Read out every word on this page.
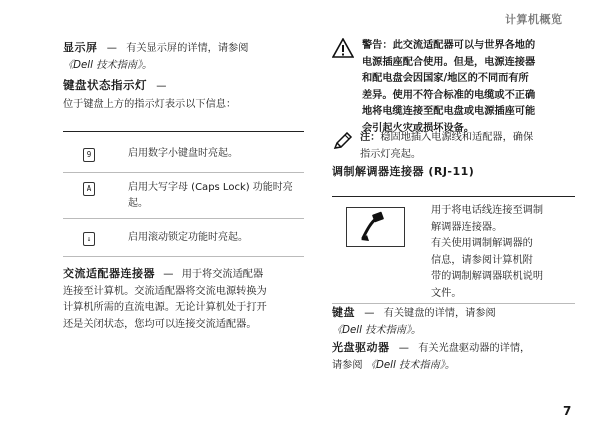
计算机概览
显示屏 — 有关显示屏的详情，请参阅
《Dell 技术指南》。
键盘状态指示灯 —
位于键盘上方的指示灯表示以下信息：
9	启用数字小键盘时亮起。
A	启用大写字母 (Caps Lock) 功能时亮起。
↓	启用滚动锁定功能时亮起。
交流适配器连接器 — 用于将交流适配器
连接至计算机。交流适配器将交流电源转换为
计算机所需的直流电源。无论计算机处于打开
还是关闭状态，您均可以连接交流适配器。
警告：此交流适配器可以与世界各地的
电源插座配合使用。但是，电源连接器
和配电盘会因国家/地区的不同而有所
差异。使用不符合标准的电缆或不正确
地将电缆连接至配电盘或电源插座可能
会引起火灾或损坏设备。
注：稳固地插入电源线和适配器，确保
指示灯亮起。
调制解调器连接器 (RJ-11)
用于将电话线连接至调制
解调器连接器。
有关使用调制解调器的
信息，请参阅计算机附
带的调制解调器联机说明
文件。
键盘 — 有关键盘的详情，请参阅
《Dell 技术指南》。
光盘驱动器 — 有关光盘驱动器的详情，
请参阅 《Dell 技术指南》。
7
